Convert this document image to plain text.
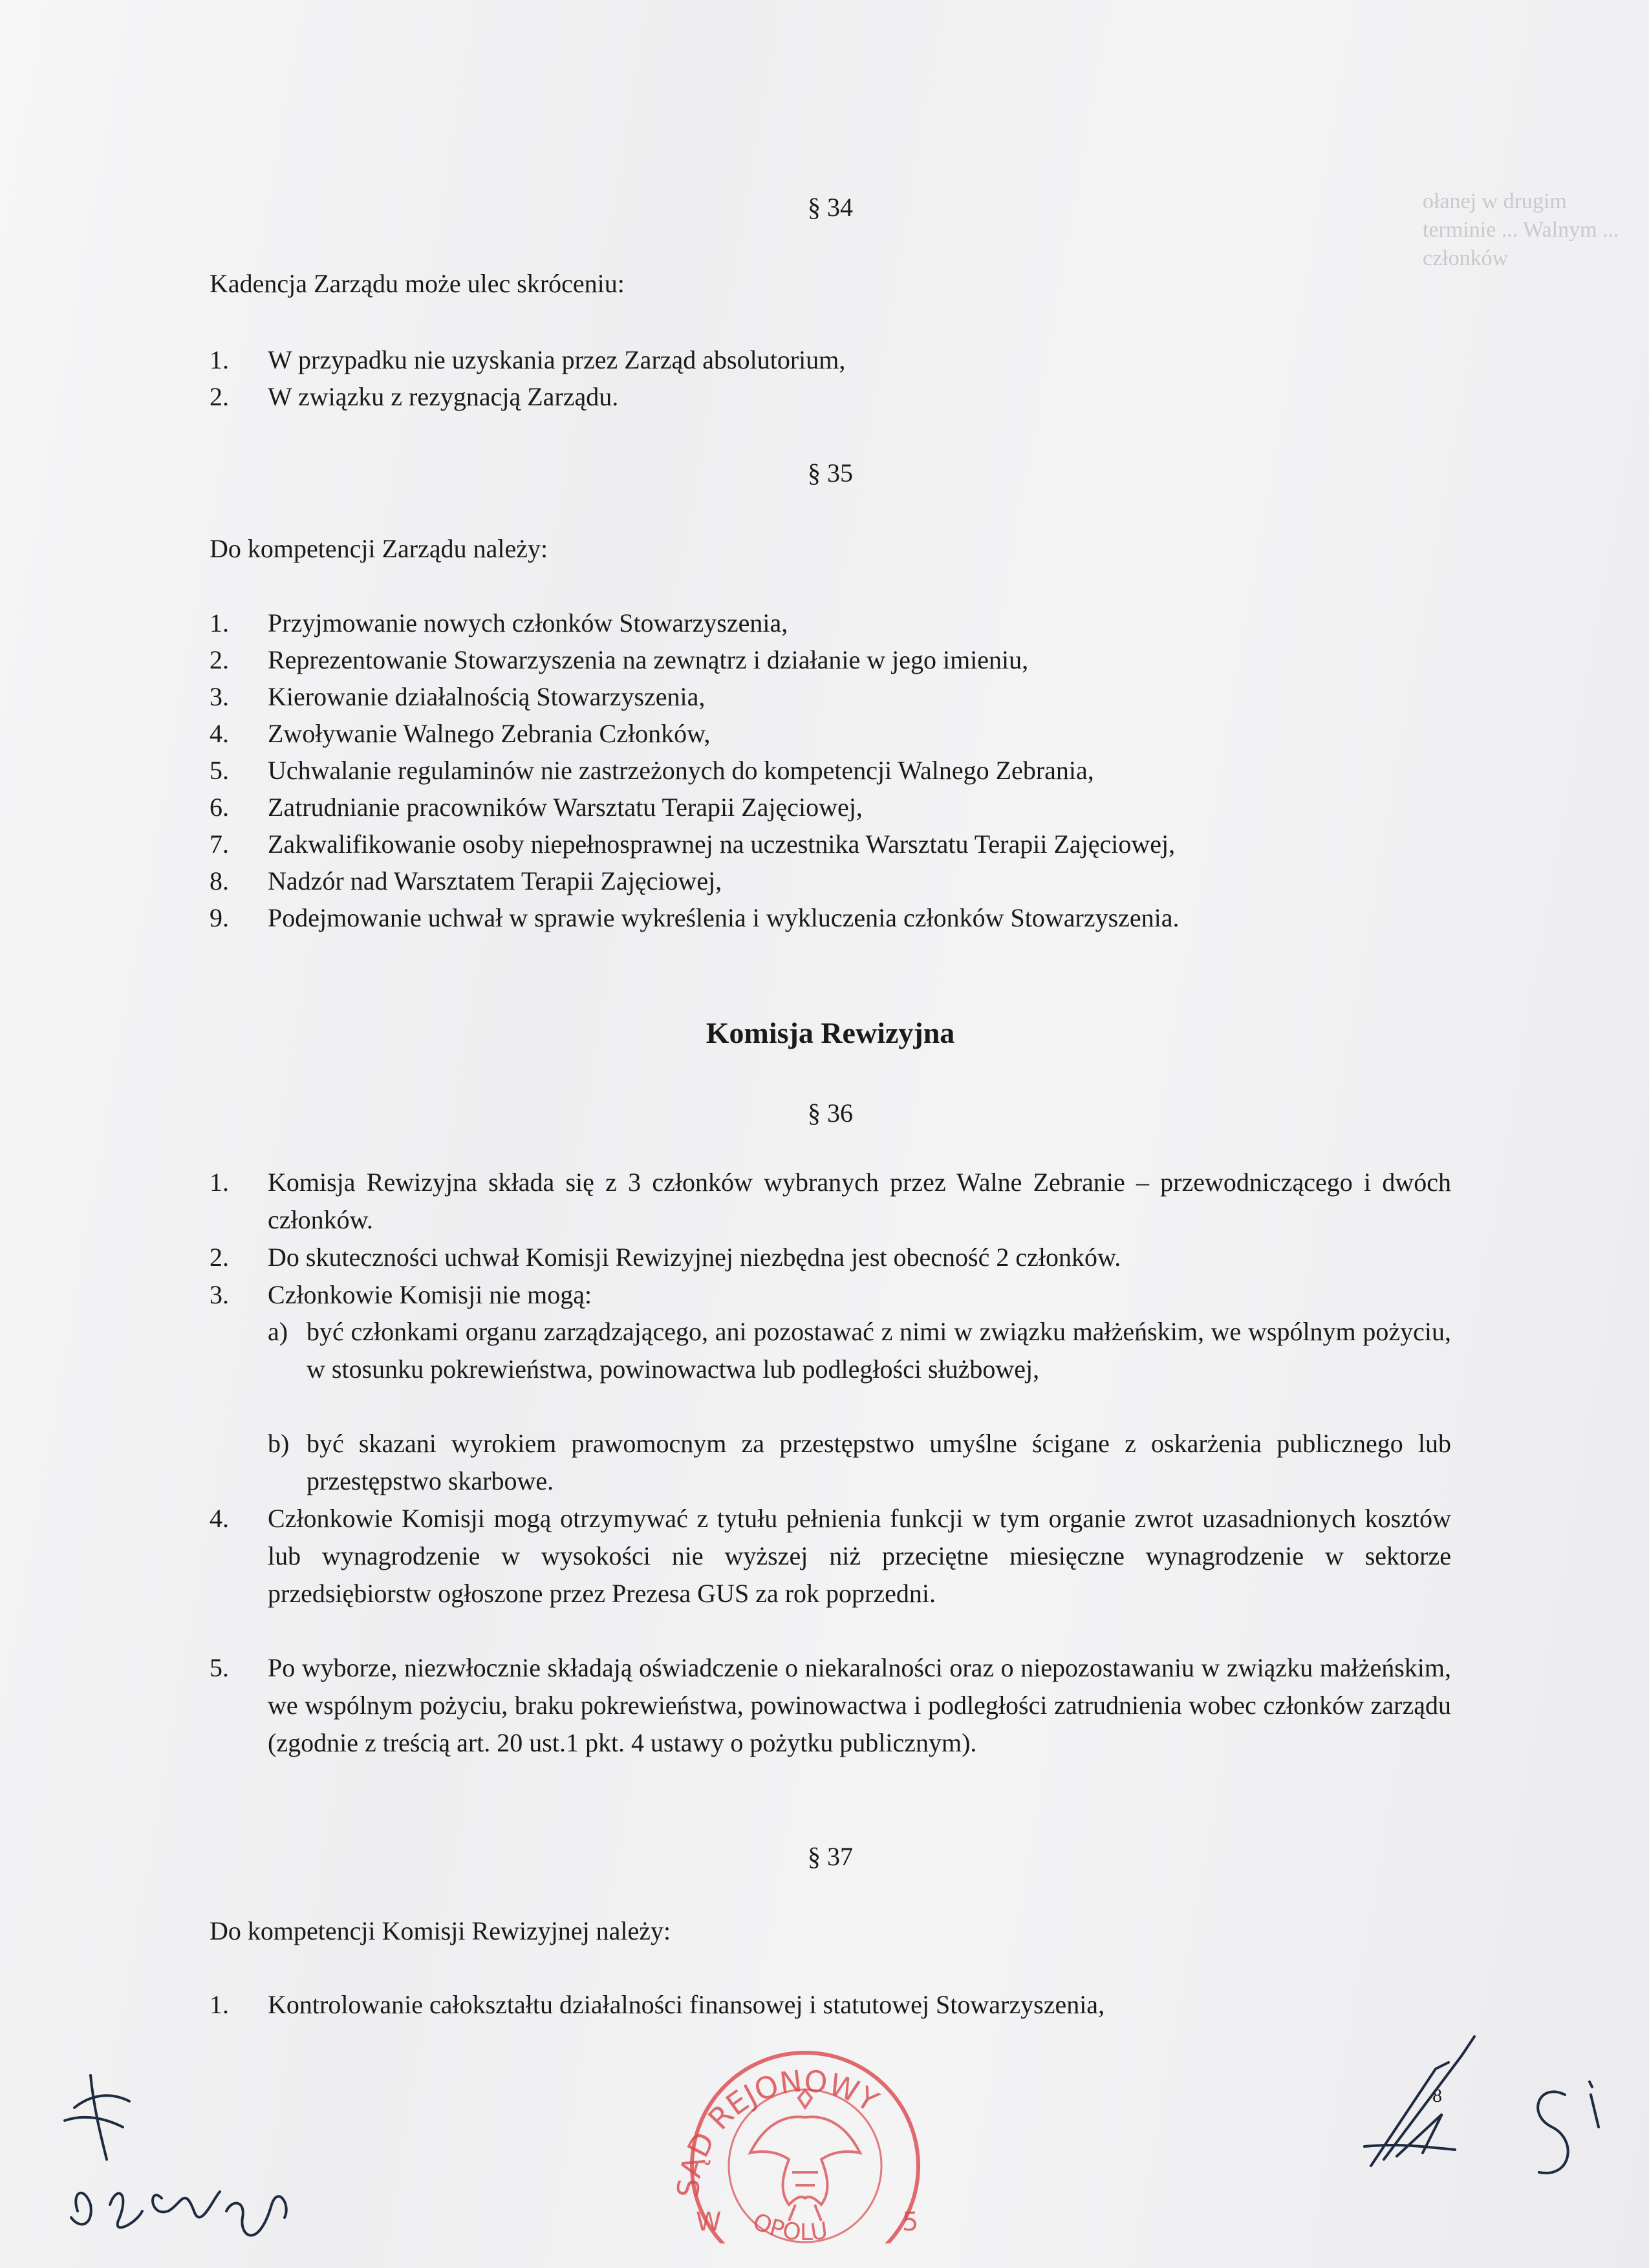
ołanej w drugim terminie ... Walnym ... członków
§ 34
Kadencja Zarządu może ulec skróceniu:
1.	W przypadku nie uzyskania przez Zarząd absolutorium,
2.	W związku z rezygnacją Zarządu.
§ 35
Do kompetencji Zarządu należy:
1.	Przyjmowanie nowych członków Stowarzyszenia,
2.	Reprezentowanie Stowarzyszenia na zewnątrz i działanie w jego imieniu,
3.	Kierowanie działalnością Stowarzyszenia,
4.	Zwoływanie Walnego Zebrania Członków,
5.	Uchwalanie regulaminów nie zastrzeżonych do kompetencji Walnego Zebrania,
6.	Zatrudnianie pracowników Warsztatu Terapii Zajęciowej,
7.	Zakwalifikowanie osoby niepełnosprawnej na uczestnika Warsztatu Terapii Zajęciowej,
8.	Nadzór nad Warsztatem Terapii Zajęciowej,
9.	Podejmowanie uchwał w sprawie wykreślenia i wykluczenia członków Stowarzyszenia.
Komisja Rewizyjna
§ 36
1.	Komisja Rewizyjna składa się z 3 członków wybranych przez Walne Zebranie – przewodniczącego i dwóch członków.
2.	Do skuteczności uchwał Komisji Rewizyjnej niezbędna jest obecność 2 członków.
3.	Członkowie Komisji nie mogą:
a) być członkami organu zarządzającego, ani pozostawać z nimi w związku małżeńskim, we wspólnym pożyciu, w stosunku pokrewieństwa, powinowactwa lub podległości służbowej,
b) być skazani wyrokiem prawomocnym za przestępstwo umyślne ścigane z oskarżenia publicznego lub przestępstwo skarbowe.
4.	Członkowie Komisji mogą otrzymywać z tytułu pełnienia funkcji w tym organie zwrot uzasadnionych kosztów lub wynagrodzenie w wysokości nie wyższej niż przeciętne miesięczne wynagrodzenie w sektorze przedsiębiorstw ogłoszone przez Prezesa GUS za rok poprzedni.
5.	Po wyborze, niezwłocznie składają oświadczenie o niekaralności oraz o niepozostawaniu w związku małżeńskim, we wspólnym pożyciu, braku pokrewieństwa, powinowactwa i podległości zatrudnienia wobec członków zarządu (zgodnie z treścią art. 20 ust.1 pkt. 4 ustawy o pożytku publicznym).
§ 37
Do kompetencji Komisji Rewizyjnej należy:
1.	Kontrolowanie całokształtu działalności finansowej i statutowej Stowarzyszenia,
SĄD REJONOWY
W	5
OPOLU
8
